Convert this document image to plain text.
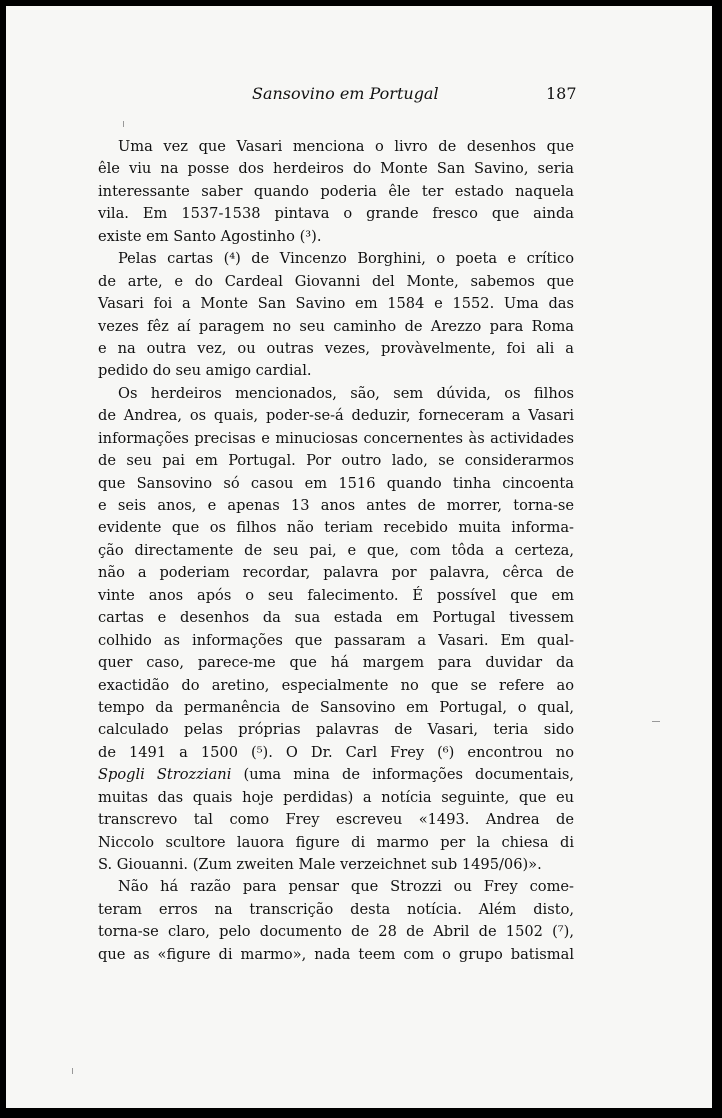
Sansovino em Portugal	187
Uma vez que Vasari menciona o livro de desenhos que
êle viu na posse dos herdeiros do Monte San Savino, seria
interessante saber quando poderia êle ter estado naquela
vila. Em 1537-1538 pintava o grande fresco que ainda
existe em Santo Agostinho (³).
Pelas cartas (⁴) de Vincenzo Borghini, o poeta e crítico
de arte, e do Cardeal Giovanni del Monte, sabemos que
Vasari foi a Monte San Savino em 1584 e 1552. Uma das
vezes fêz aí paragem no seu caminho de Arezzo para Roma
e na outra vez, ou outras vezes, provàvelmente, foi ali a
pedido do seu amigo cardial.
Os herdeiros mencionados, são, sem dúvida, os filhos
de Andrea, os quais, poder-se-á deduzir, forneceram a Vasari
informações precisas e minuciosas concernentes às actividades
de seu pai em Portugal. Por outro lado, se considerarmos
que Sansovino só casou em 1516 quando tinha cincoenta
e seis anos, e apenas 13 anos antes de morrer, torna-se
evidente que os filhos não teriam recebido muita informa-
ção directamente de seu pai, e que, com tôda a certeza,
não a poderiam recordar, palavra por palavra, cêrca de
vinte anos após o seu falecimento. É possível que em
cartas e desenhos da sua estada em Portugal tivessem
colhido as informações que passaram a Vasari. Em qual-
quer caso, parece-me que há margem para duvidar da
exactidão do aretino, especialmente no que se refere ao
tempo da permanência de Sansovino em Portugal, o qual,
calculado pelas próprias palavras de Vasari, teria sido
de 1491 a 1500 (⁵). O Dr. Carl Frey (⁶) encontrou no
Spogli Strozziani (uma mina de informações documentais,
muitas das quais hoje perdidas) a notícia seguinte, que eu
transcrevo tal como Frey escreveu «1493. Andrea de
Niccolo scultore lauora figure di marmo per la chiesa di
S. Giouanni. (Zum zweiten Male verzeichnet sub 1495/06)».
Não há razão para pensar que Strozzi ou Frey come-
teram erros na transcrição desta notícia. Além disto,
torna-se claro, pelo documento de 28 de Abril de 1502 (⁷),
que as «figure di marmo», nada teem com o grupo batismal
